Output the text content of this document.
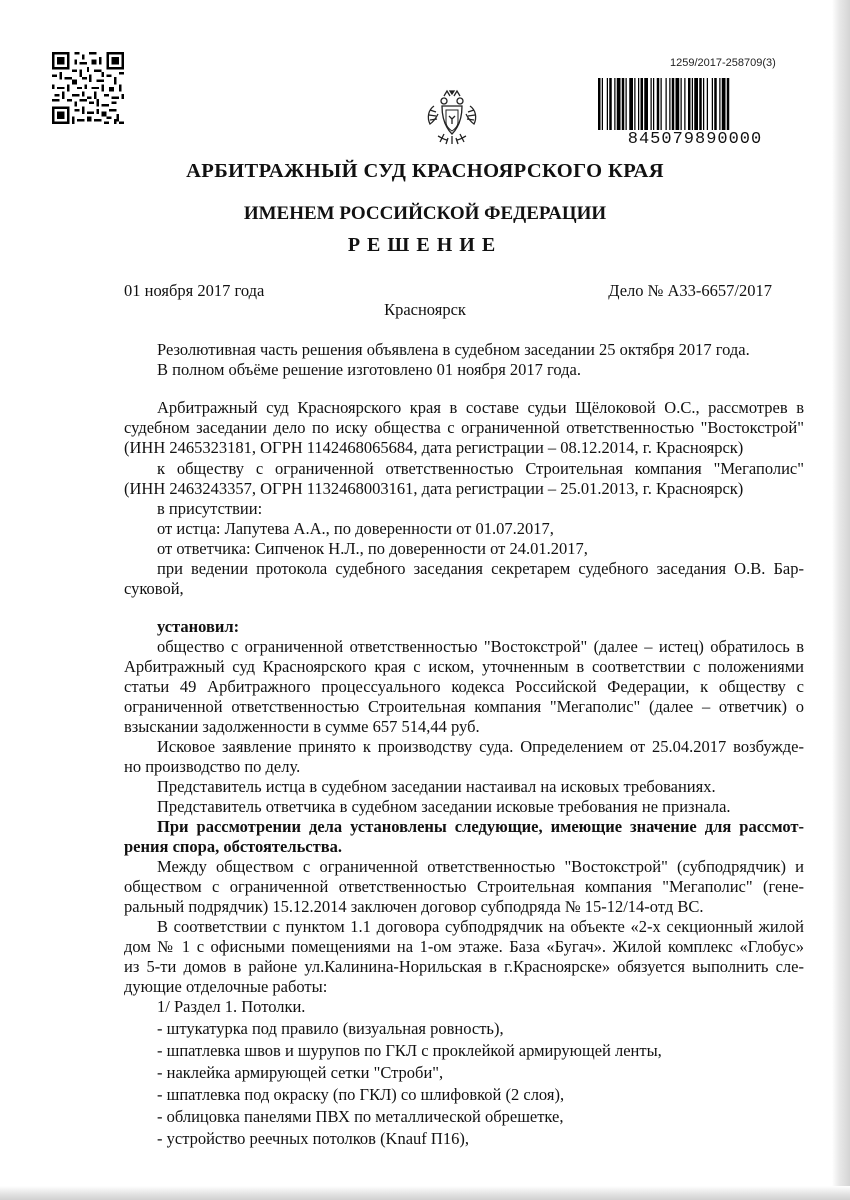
1259/2017-258709(3)
845079890000
АРБИТРАЖНЫЙ СУД КРАСНОЯРСКОГО КРАЯ
ИМЕНЕМ РОССИЙСКОЙ ФЕДЕРАЦИИ
РЕШЕНИЕ
01 ноября 2017 года	Дело № А33-6657/2017
Красноярск
Резолютивная часть решения объявлена в судебном заседании 25 октября 2017 года.
В полном объёме решение изготовлено 01 ноября 2017 года.
Арбитражный суд Красноярского края в составе судьи Щёлоковой О.С., рассмотрев в
судебном заседании дело по иску общества с ограниченной ответственностью "Востокстрой"
(ИНН 2465323181, ОГРН 1142468065684, дата регистрации – 08.12.2014, г. Красноярск)
к обществу с ограниченной ответственностью Строительная компания "Мегаполис"
(ИНН 2463243357, ОГРН 1132468003161, дата регистрации – 25.01.2013, г. Красноярск)
в присутствии:
от истца: Лапутева А.А., по доверенности от 01.07.2017,
от ответчика: Сипченок Н.Л., по доверенности от 24.01.2017,
при ведении протокола судебного заседания секретарем судебного заседания О.В. Бар-
суковой,
установил:
общество с ограниченной ответственностью "Востокстрой" (далее – истец) обратилось в
Арбитражный суд Красноярского края с иском, уточненным в соответствии с положениями
статьи 49 Арбитражного процессуального кодекса Российской Федерации, к обществу с
ограниченной ответственностью Строительная компания "Мегаполис" (далее – ответчик) о
взыскании задолженности в сумме 657 514,44 руб.
Исковое заявление принято к производству суда. Определением от 25.04.2017 возбужде-
но производство по делу.
Представитель истца в судебном заседании настаивал на исковых требованиях.
Представитель ответчика в судебном заседании исковые требования не признала.
При рассмотрении дела установлены следующие, имеющие значение для рассмот-
рения спора, обстоятельства.
Между обществом с ограниченной ответственностью "Востокстрой" (субподрядчик) и
обществом с ограниченной ответственностью Строительная компания "Мегаполис" (гене-
ральный подрядчик) 15.12.2014 заключен договор субподряда № 15-12/14-отд ВС.
В соответствии с пунктом 1.1 договора субподрядчик на объекте «2-х секционный жилой
дом № 1 с офисными помещениями на 1-ом этаже. База «Бугач». Жилой комплекс «Глобус»
из 5-ти домов в районе ул.Калинина-Норильская в г.Красноярске» обязуется выполнить сле-
дующие отделочные работы:
1/ Раздел 1. Потолки.
- штукатурка под правило (визуальная ровность),
- шпатлевка швов и шурупов по ГКЛ с проклейкой армирующей ленты,
- наклейка армирующей сетки "Строби",
- шпатлевка под окраску (по ГКЛ) со шлифовкой (2 слоя),
- облицовка панелями ПВХ по металлической обрешетке,
- устройство реечных потолков (Knauf П16),
